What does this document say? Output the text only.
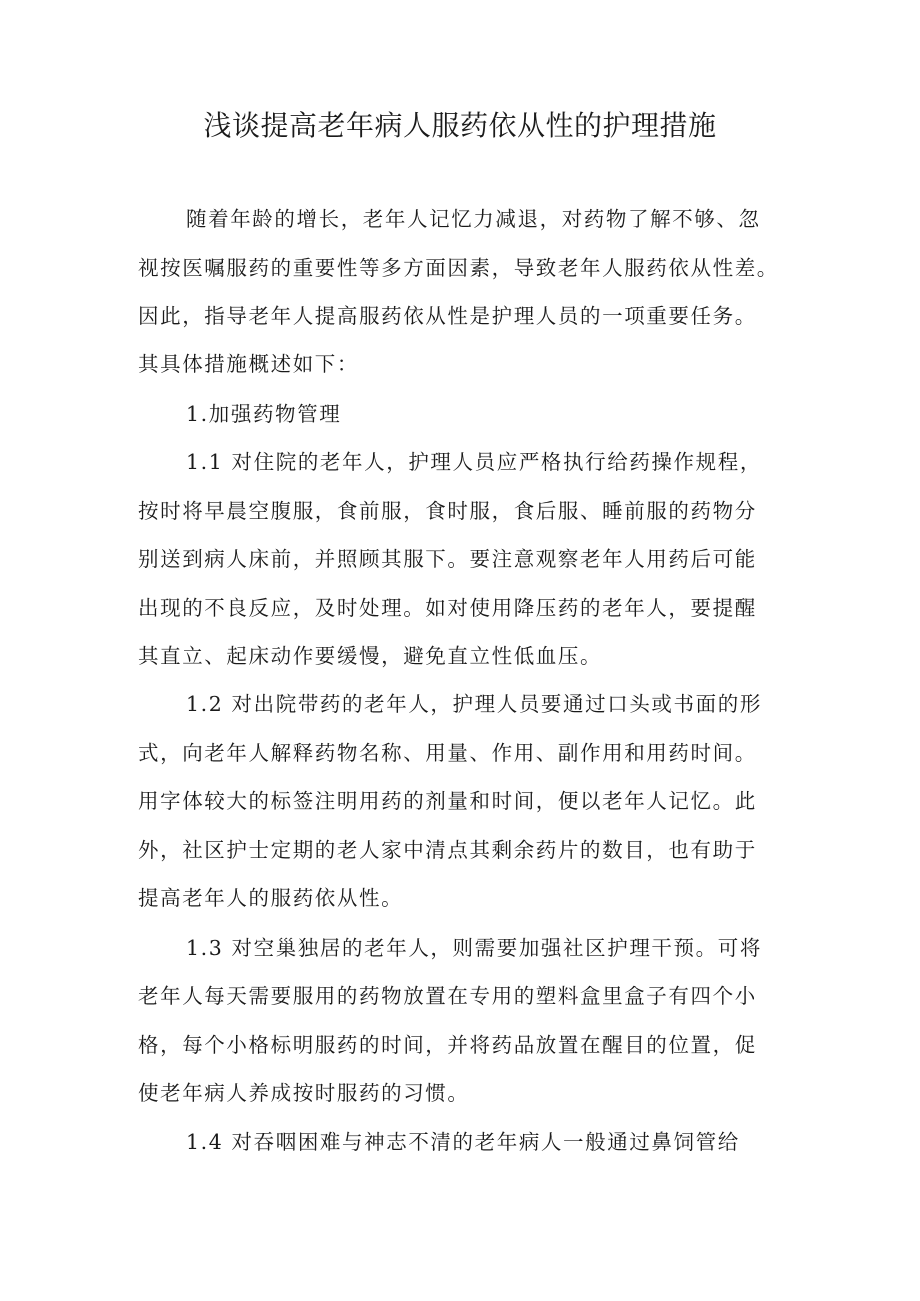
浅谈提高老年病人服药依从性的护理措施

随着年龄的增长，老年人记忆力减退，对药物了解不够、忽

视按医嘱服药的重要性等多方面因素，导致老年人服药依从性差。

因此，指导老年人提高服药依从性是护理人员的一项重要任务。

其具体措施概述如下：

1.加强药物管理

1.1 对住院的老年人，护理人员应严格执行给药操作规程，

按时将早晨空腹服，食前服，食时服，食后服、睡前服的药物分

别送到病人床前，并照顾其服下。要注意观察老年人用药后可能

出现的不良反应，及时处理。如对使用降压药的老年人，要提醒

其直立、起床动作要缓慢，避免直立性低血压。

1.2 对出院带药的老年人，护理人员要通过口头或书面的形

式，向老年人解释药物名称、用量、作用、副作用和用药时间。

用字体较大的标签注明用药的剂量和时间，便以老年人记忆。此

外，社区护士定期的老人家中清点其剩余药片的数目，也有助于

提高老年人的服药依从性。

1.3 对空巢独居的老年人，则需要加强社区护理干预。可将

老年人每天需要服用的药物放置在专用的塑料盒里盒子有四个小

格，每个小格标明服药的时间，并将药品放置在醒目的位置，促

使老年病人养成按时服药的习惯。

1.4 对吞咽困难与神志不清的老年病人一般通过鼻饲管给
